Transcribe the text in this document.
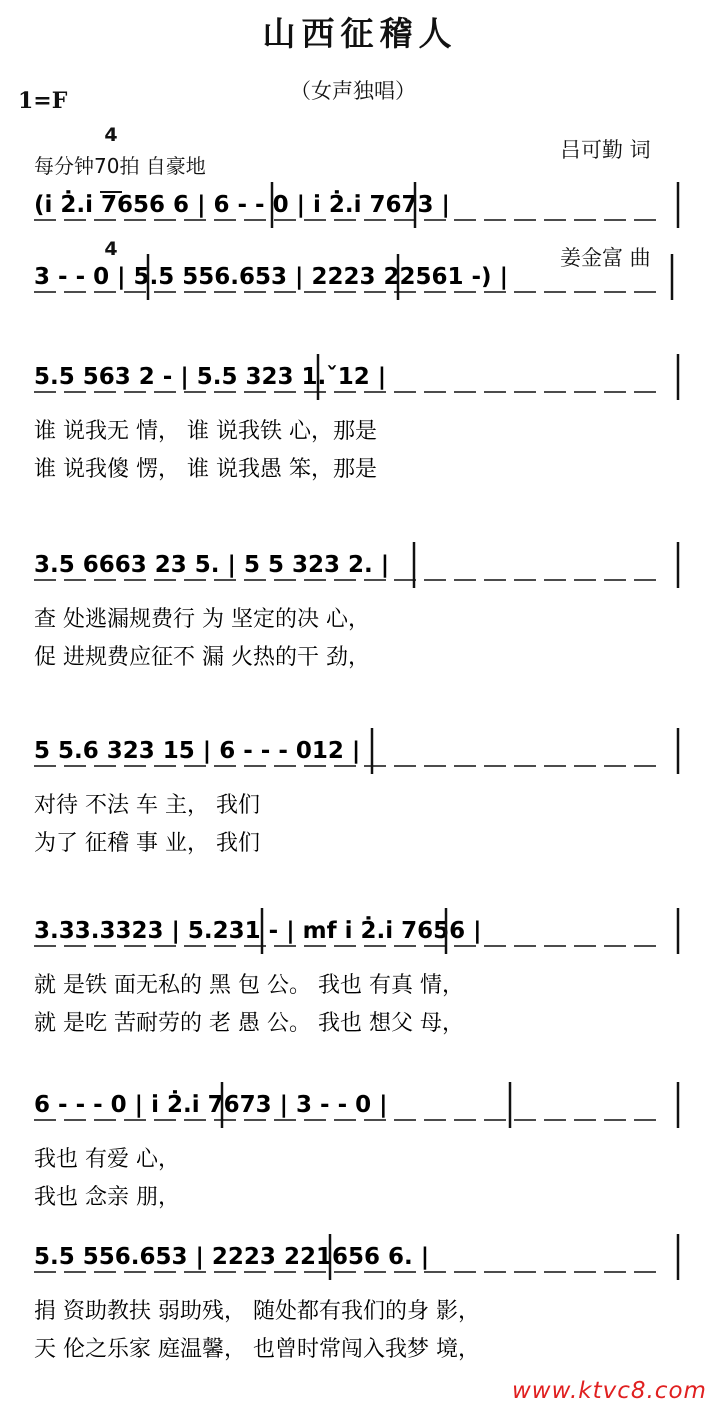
山西征稽人
1=F

4

4

（女声独唱）

吕可勤 词

姜金富 曲

每分钟70拍 自豪地
(i̇ 2̇.i̇ 7656 6 | 6 - - 0 | i̇ 2̇.i̇ 7673 |
3 - - 0 | 5.5 556.653 | 2223 22561 -) |
5.5 563 2 - | 5.5 323 1.ˇ12 |
谁 说我无 情， 谁 说我铁 心，那是
谁 说我傻 愣， 谁 说我愚 笨，那是
3.5 6663 23 5. | 5 5 323 2. |
查 处逃漏规费行 为 坚定的决 心，
促 进规费应征不 漏 火热的干 劲，
5 5.6 323 15 | 6 - - - 012 |
对待 不法 车 主， 我们
为了 征稽 事 业， 我们
3.33.3323 | 5.231 - | mf i̇ 2̇.i̇ 7656 |
就 是铁 面无私的 黑 包 公。 我也 有真 情，
就 是吃 苦耐劳的 老 愚 公。 我也 想父 母，
6 - - - 0 | i̇ 2̇.i̇ 7673 | 3 - - 0 |
我也 有爱 心，
我也 念亲 朋，
5.5 556.653 | 2223 221656 6. |
捐 资助教扶 弱助残， 随处都有我们的身 影，
天 伦之乐家 庭温馨， 也曾时常闯入我梦 境，
www.ktvc8.com
